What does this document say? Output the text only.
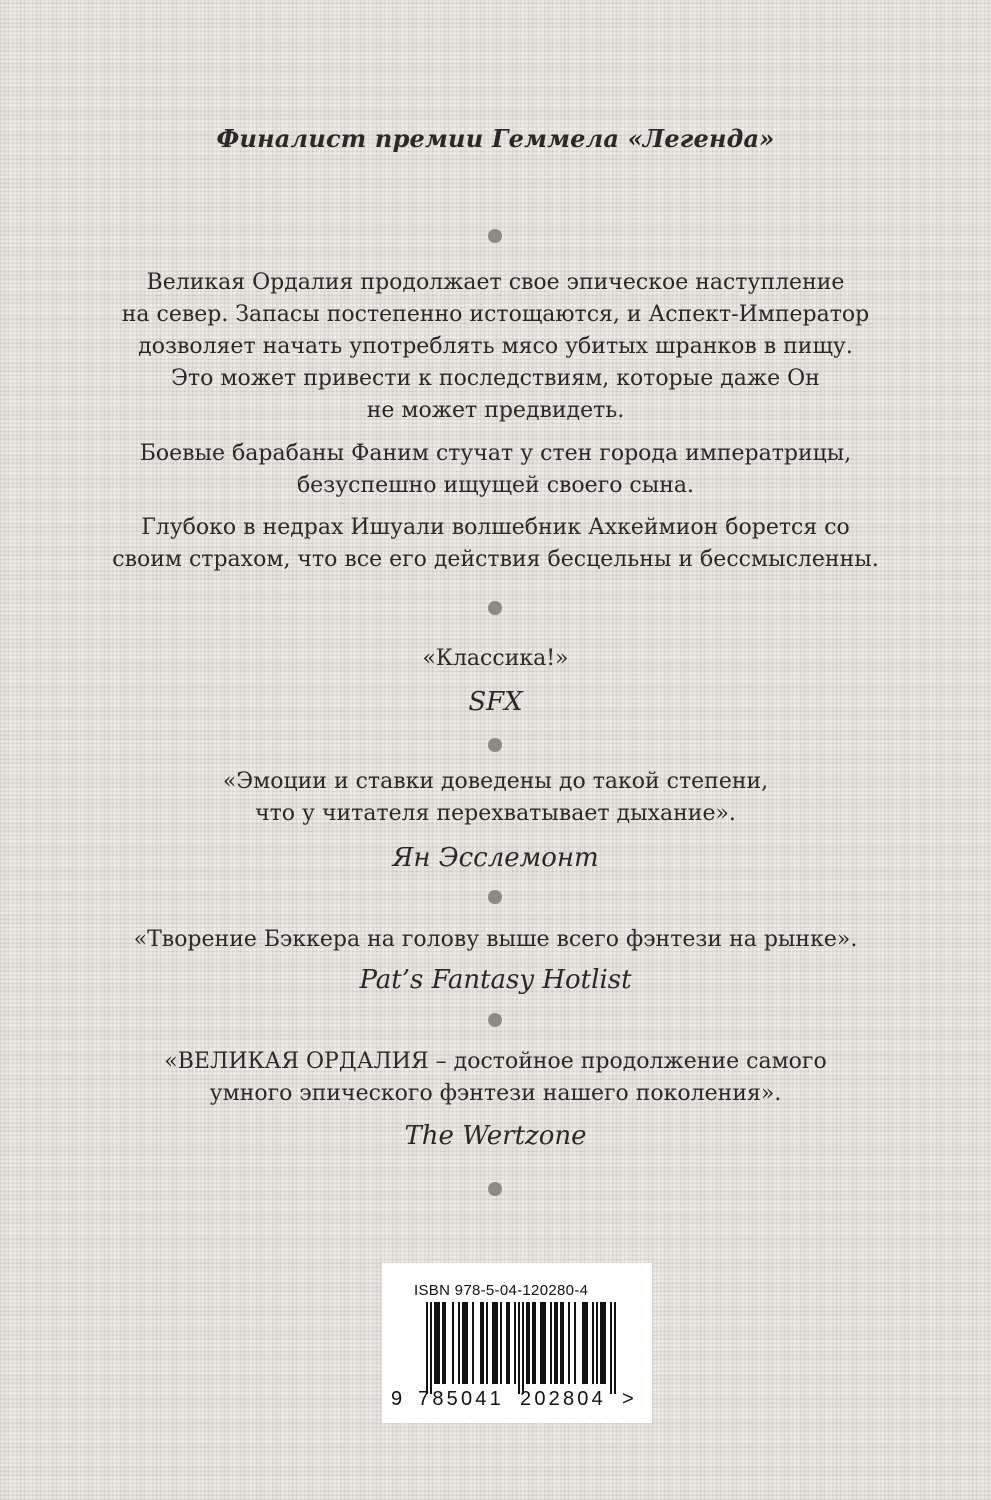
Финалист премии Геммела «Легенда»
Великая Ордалия продолжает свое эпическое наступление
на север. Запасы постепенно истощаются, и Аспект-Император
дозволяет начать употреблять мясо убитых шранков в пищу.
Это может привести к последствиям, которые даже Он
не может предвидеть.
Боевые барабаны Фаним стучат у стен города императрицы,
безуспешно ищущей своего сына.
Глубоко в недрах Ишуали волшебник Ахкеймион борется со
своим страхом, что все его действия бесцельны и бессмысленны.
«Классика!»
SFX
«Эмоции и ставки доведены до такой степени,
что у читателя перехватывает дыхание».
Ян Эсслемонт
«Творение Бэккера на голову выше всего фэнтези на рынке».
Pat’s Fantasy Hotlist
«ВЕЛИКАЯ ОРДАЛИЯ – достойное продолжение самого
умного эпического фэнтези нашего поколения».
The Wertzone
ISBN 978-5-04-120280-4
9 785041 202804 >
